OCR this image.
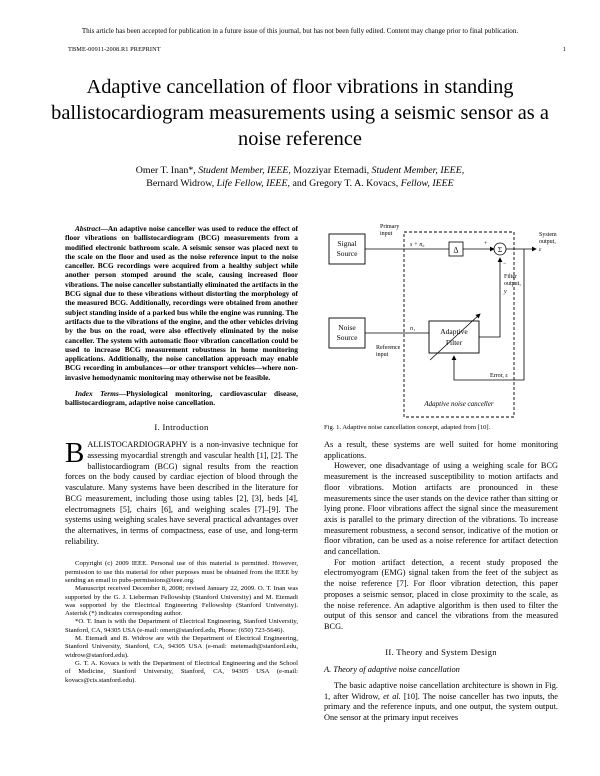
This article has been accepted for publication in a future issue of this journal, but has not been fully edited. Content may change prior to final publication.
TBME-00911-2008.R1 PREPRINT	1
Adaptive cancellation of floor vibrations in standing ballistocardiogram measurements using a seismic sensor as a noise reference
Omer T. Inan*, Student Member, IEEE, Mozziyar Etemadi, Student Member, IEEE,
Bernard Widrow, Life Fellow, IEEE, and Gregory T. A. Kovacs, Fellow, IEEE

Abstract—An adaptive noise canceller was used to reduce the effect of floor vibrations on ballistocardiogram (BCG) measurements from a modified electronic bathroom scale. A seismic sensor was placed next to the scale on the floor and used as the noise reference input to the noise canceller. BCG recordings were acquired from a healthy subject while another person stomped around the scale, causing increased floor vibrations. The noise canceller substantially eliminated the artifacts in the BCG signal due to these vibrations without distorting the morphology of the measured BCG. Additionally, recordings were obtained from another subject standing inside of a parked bus while the engine was running. The artifacts due to the vibrations of the engine, and the other vehicles driving by the bus on the road, were also effectively eliminated by the noise canceller. The system with automatic floor vibration cancellation could be used to increase BCG measurement robustness in home monitoring applications. Additionally, the noise cancellation approach may enable BCG recording in ambulances—or other transport vehicles—where non-invasive hemodynamic monitoring may otherwise not be feasible.

Index Terms—Physiological monitoring, cardiovascular disease, ballistocardiogram, adaptive noise cancellation.

I. Introduction

BALLISTOCARDIOGRAPHY is a non-invasive technique for assessing myocardial strength and vascular health [1], [2]. The ballistocardiogram (BCG) signal results from the reaction forces on the body caused by cardiac ejection of blood through the vasculature. Many systems have been described in the literature for BCG measurement, including those using tables [2], [3], beds [4], electromagnets [5], chairs [6], and weighing scales [7]–[9]. The systems using weighing scales have several practical advantages over the alternatives, in terms of compactness, ease of use, and long-term reliability.

Copyright (c) 2009 IEEE. Personal use of this material is permitted. However, permission to use this material for other purposes must be obtained from the IEEE by sending an email to pubs-permissions@ieee.org.

Manuscript received December 8, 2008; revised January 22, 2009. O. T. Inan was supported by the G. J. Lieberman Fellowship (Stanford University) and M. Etemadi was supported by the Electrical Engineering Fellowship (Stanford University). Asterisk (*) indicates corresponding author.

*O. T. Inan is with the Department of Electrical Engineering, Stanford University, Stanford, CA, 94305 USA (e-mail: omeri@stanford.edu, Phone: (650) 723-5646).

M. Etemadi and B. Widrow are with the Department of Electrical Engineering, Stanford University, Stanford, CA, 94305 USA (e-mail: metemadi@stanford.edu, widrow@stanford.edu).

G. T. A. Kovacs is with the Department of Electrical Engineering and the School of Medicine, Stanford University, Stanford, CA, 94305 USA (e-mail: kovacs@cis.stanford.edu).

Signal
Source
Noise
Source
Primary
input
s + n₀
Δ
+
Σ
System
output,
ε
n₁
Reference
input
Adaptive
Filter
−
Filter
output,
y
Error, ε
Adaptive noise canceller
Fig. 1. Adaptive noise cancellation concept, adapted from [10].

As a result, these systems are well suited for home monitoring applications.

However, one disadvantage of using a weighing scale for BCG measurement is the increased susceptibility to motion artifacts and floor vibrations. Motion artifacts are pronounced in these measurements since the user stands on the device rather than sitting or lying prone. Floor vibrations affect the signal since the measurement axis is parallel to the primary direction of the vibrations. To increase measurement robustness, a second sensor, indicative of the motion or floor vibration, can be used as a noise reference for artifact detection and cancellation.

For motion artifact detection, a recent study proposed the electromyogram (EMG) signal taken from the feet of the subject as the noise reference [7]. For floor vibration detection, this paper proposes a seismic sensor, placed in close proximity to the scale, as the noise reference. An adaptive algorithm is then used to filter the output of this sensor and cancel the vibrations from the measured BCG.

II. Theory and System Design
A. Theory of adaptive noise cancellation

The basic adaptive noise cancellation architecture is shown in Fig. 1, after Widrow, et al. [10]. The noise canceller has two inputs, the primary and the reference inputs, and one output, the system output. One sensor at the primary input receives
